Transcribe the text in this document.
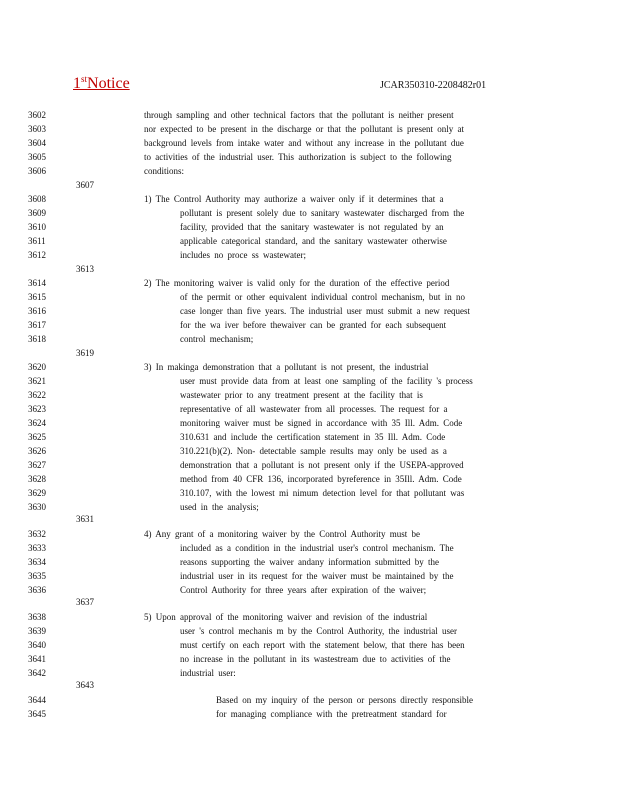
1stNotice	JCAR350310-2208482r01
3602	through sampling and other technical factors that the pollutant is neither present
3603	nor expected to be present in the discharge or that the pollutant is present only at
3604	background levels from intake water and without any increase in the pollutant due
3605	to activities of the industrial user. This authorization is subject to the following
3606	conditions:
3607
3608	1) The Control Authority may authorize a waiver only if it determines that a
3609	pollutant is present solely due to sanitary wastewater discharged from the
3610	facility, provided that the sanitary wastewater is not regulated by an
3611	applicable categorical standard, and the sanitary wastewater otherwise
3612	includes no proce ss wastewater;
3613
3614	2) The monitoring waiver is valid only for the duration of the effective period
3615	of the permit or other equivalent individual control mechanism, but in no
3616	case longer than five years. The industrial user must submit a new request
3617	for the wa iver before thewaiver can be granted for each subsequent
3618	control mechanism;
3619
3620	3) In makinga demonstration that a pollutant is not present, the industrial
3621	user must provide data from at least one sampling of the facility 's process
3622	wastewater prior to any treatment present at the facility that is
3623	representative of all wastewater from all processes. The request for a
3624	monitoring waiver must be signed in accordance with 35 Ill. Adm. Code
3625	310.631 and include the certification statement in 35 Ill. Adm. Code
3626	310.221(b)(2). Non- detectable sample results may only be used as a
3627	demonstration that a pollutant is not present only if the USEPA-approved
3628	method from 40 CFR 136, incorporated byreference in 35Ill. Adm. Code
3629	310.107, with the lowest mi nimum detection level for that pollutant was
3630	used in the analysis;
3631
3632	4) Any grant of a monitoring waiver by the Control Authority must be
3633	included as a condition in the industrial user's control mechanism. The
3634	reasons supporting the waiver andany information submitted by the
3635	industrial user in its request for the waiver must be maintained by the
3636	Control Authority for three years after expiration of the waiver;
3637
3638	5) Upon approval of the monitoring waiver and revision of the industrial
3639	user 's control mechanis m by the Control Authority, the industrial user
3640	must certify on each report with the statement below, that there has been
3641	no increase in the pollutant in its wastestream due to activities of the
3642	industrial user:
3643
3644	Based on my inquiry of the person or persons directly responsible
3645	for managing compliance with the pretreatment standard for
